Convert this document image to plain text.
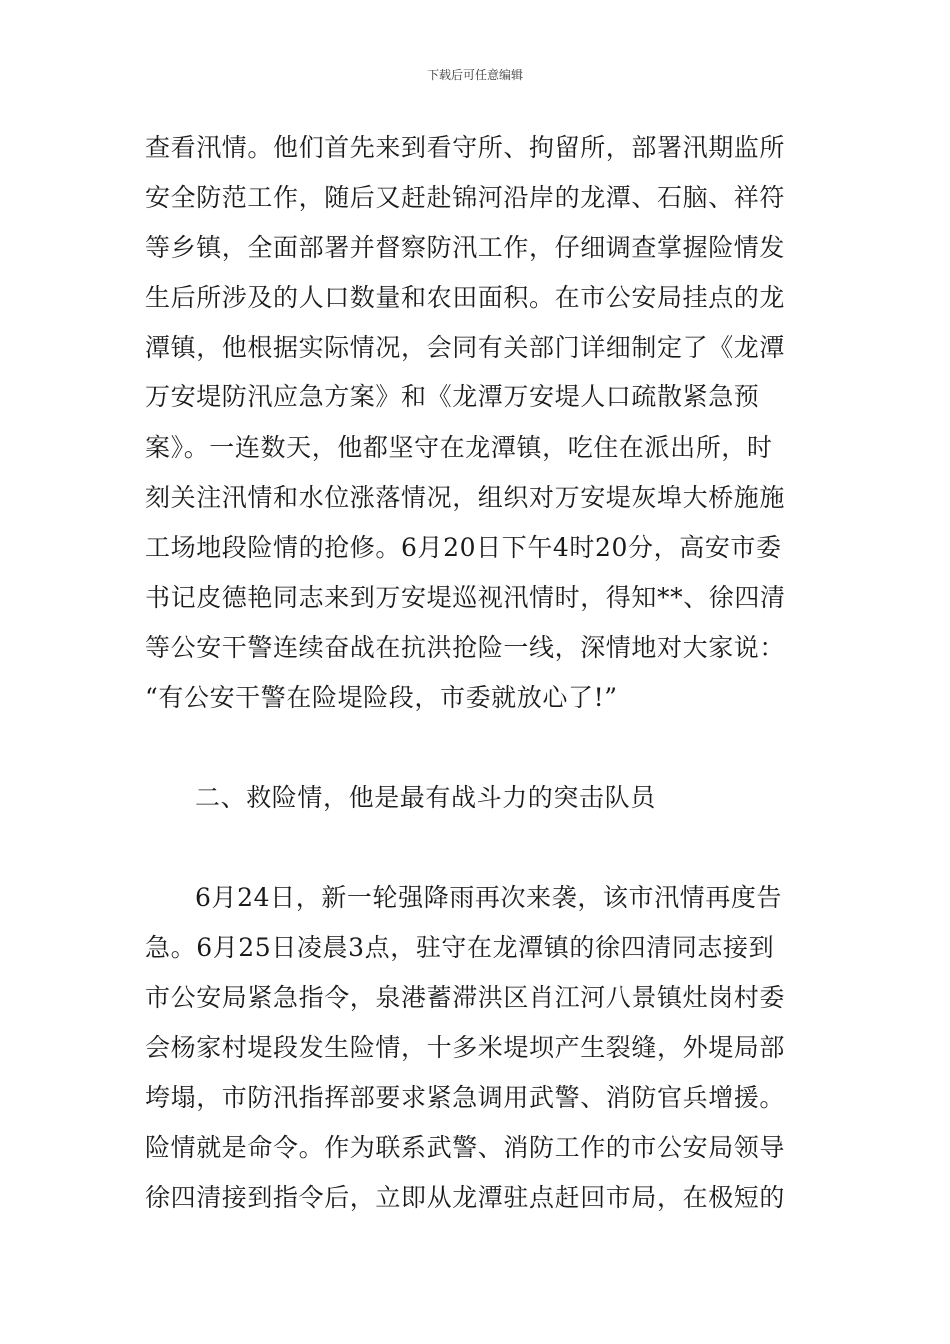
下载后可任意编辑
查看汛情。他们首先来到看守所、拘留所，部署汛期监所
安全防范工作，随后又赶赴锦河沿岸的龙潭、石脑、祥符
等乡镇，全面部署并督察防汛工作，仔细调查掌握险情发
生后所涉及的人口数量和农田面积。在市公安局挂点的龙
潭镇，他根据实际情况，会同有关部门详细制定了《龙潭
万安堤防汛应急方案》和《龙潭万安堤人口疏散紧急预
案》。一连数天，他都坚守在龙潭镇，吃住在派出所，时
刻关注汛情和水位涨落情况，组织对万安堤灰埠大桥施施
工场地段险情的抢修。6月20日下午4时20分，高安市委
书记皮德艳同志来到万安堤巡视汛情时，得知**、徐四清
等公安干警连续奋战在抗洪抢险一线，深情地对大家说：
“有公安干警在险堤险段，市委就放心了!”
二、救险情，他是最有战斗力的突击队员
6月24日，新一轮强降雨再次来袭，该市汛情再度告
急。6月25日凌晨3点，驻守在龙潭镇的徐四清同志接到
市公安局紧急指令，泉港蓄滞洪区肖江河八景镇灶岗村委
会杨家村堤段发生险情，十多米堤坝产生裂缝，外堤局部
垮塌，市防汛指挥部要求紧急调用武警、消防官兵增援。
险情就是命令。作为联系武警、消防工作的市公安局领导
徐四清接到指令后，立即从龙潭驻点赶回市局，在极短的
